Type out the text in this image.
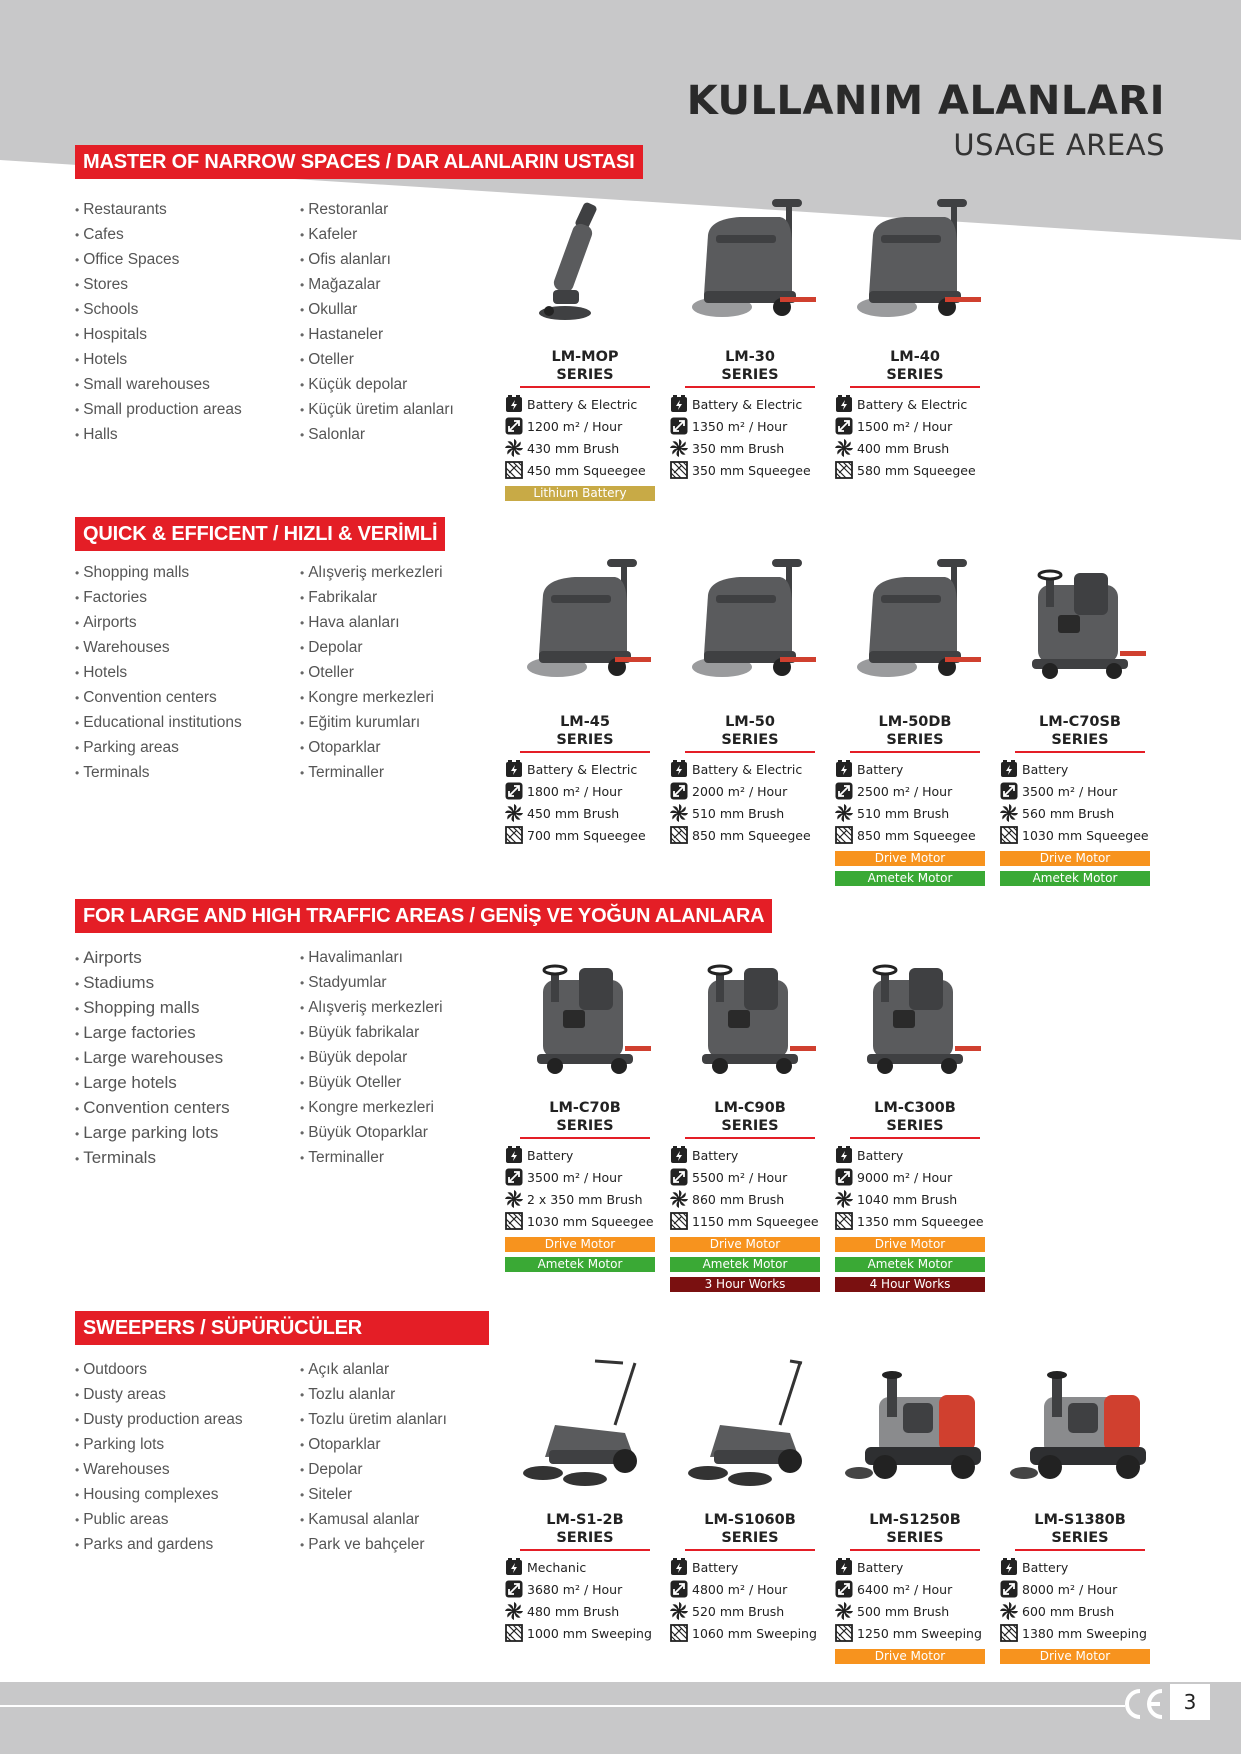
KULLANIM ALANLARI
USAGE AREAS
MASTER OF NARROW SPACES / DAR ALANLARIN USTASI
• Restaurants
• Cafes
• Office Spaces
• Stores
• Schools
• Hospitals
• Hotels
• Small warehouses
• Small production areas
• Halls
• Restoranlar
• Kafeler
• Ofis alanları
• Mağazalar
• Okullar
• Hastaneler
• Oteller
• Küçük depolar
• Küçük üretim alanları
• Salonlar
LM-MOP
SERIES
Battery & Electric
1200 m² / Hour
430 mm Brush
450 mm Squeegee
Lithium Battery
LM-30
SERIES
Battery & Electric
1350 m² / Hour
350 mm Brush
350 mm Squeegee
LM-40
SERIES
Battery & Electric
1500 m² / Hour
400 mm Brush
580 mm Squeegee
QUICK & EFFICENT / HIZLI & VERİMLİ
• Shopping malls
• Factories
• Airports
• Warehouses
• Hotels
• Convention centers
• Educational institutions
• Parking areas
• Terminals
• Alışveriş merkezleri
• Fabrikalar
• Hava alanları
• Depolar
• Oteller
• Kongre merkezleri
• Eğitim kurumları
• Otoparklar
• Terminaller
LM-45
SERIES
Battery & Electric
1800 m² / Hour
450 mm Brush
700 mm Squeegee
LM-50
SERIES
Battery & Electric
2000 m² / Hour
510 mm Brush
850 mm Squeegee
LM-50DB
SERIES
Battery
2500 m² / Hour
510 mm Brush
850 mm Squeegee
Drive Motor
Ametek Motor
LM-C70SB
SERIES
Battery
3500 m² / Hour
560 mm Brush
1030 mm Squeegee
Drive Motor
Ametek Motor
FOR LARGE AND HIGH TRAFFIC AREAS / GENİŞ VE YOĞUN ALANLARA
• Airports
• Stadiums
• Shopping malls
• Large factories
• Large warehouses
• Large hotels
• Convention centers
• Large parking lots
• Terminals
• Havalimanları
• Stadyumlar
• Alışveriş merkezleri
• Büyük fabrikalar
• Büyük depolar
• Büyük Oteller
• Kongre merkezleri
• Büyük Otoparklar
• Terminaller
LM-C70B
SERIES
Battery
3500 m² / Hour
2 x 350 mm Brush
1030 mm Squeegee
Drive Motor
Ametek Motor
LM-C90B
SERIES
Battery
5500 m² / Hour
860 mm Brush
1150 mm Squeegee
Drive Motor
Ametek Motor
3 Hour Works
LM-C300B
SERIES
Battery
9000 m² / Hour
1040 mm Brush
1350 mm Squeegee
Drive Motor
Ametek Motor
4 Hour Works
SWEEPERS / SÜPÜRÜCÜLER
• Outdoors
• Dusty areas
• Dusty production areas
• Parking lots
• Warehouses
• Housing complexes
• Public areas
• Parks and gardens
• Açık alanlar
• Tozlu alanlar
• Tozlu üretim alanları
• Otoparklar
• Depolar
• Siteler
• Kamusal alanlar
• Park ve bahçeler
LM-S1-2B
SERIES
Mechanic
3680 m² / Hour
480 mm Brush
1000 mm Sweeping
LM-S1060B
SERIES
Battery
4800 m² / Hour
520 mm Brush
1060 mm Sweeping
LM-S1250B
SERIES
Battery
6400 m² / Hour
500 mm Brush
1250 mm Sweeping
Drive Motor
LM-S1380B
SERIES
Battery
8000 m² / Hour
600 mm Brush
1380 mm Sweeping
Drive Motor
3
